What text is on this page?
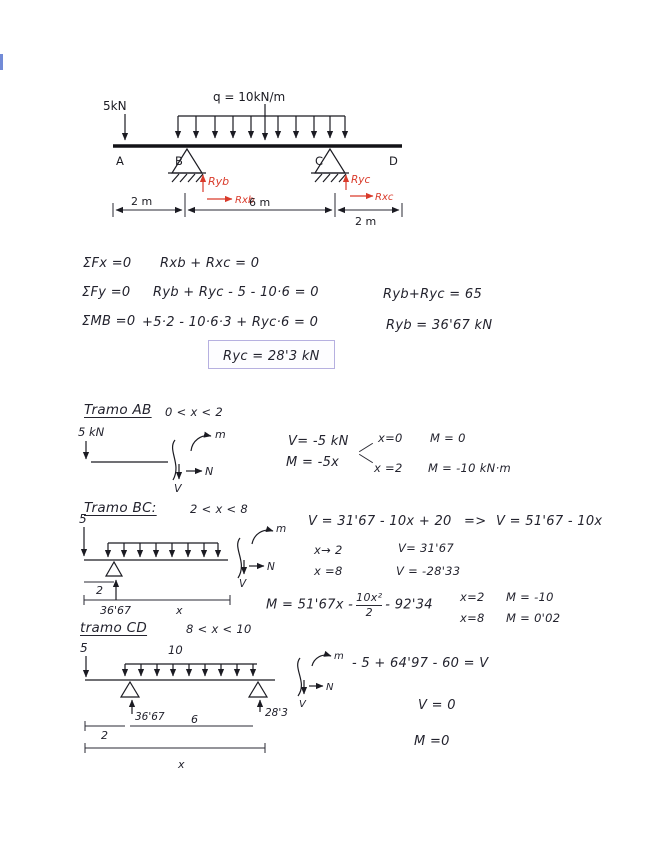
5kN
q = 10kN/m
A	B	C	D
Ryb
Rxb
Ryc
Rxc
2 m	6 m
2 m
ΣFx =0 Rxb + Rxc = 0
ΣFy =0 Ryb + Ryc - 5 - 10·6 = 0	Ryb+Ryc = 65
ΣMB =0 +5·2 - 10·6·3 + Ryc·6 = 0	Ryb = 36'67 kN
Ryc = 28'3 kN
Tramo AB 0 < x < 2
5 kN
V
N
m	V= -5 kN
M = -5x
x=0 M = 0
x =2 M = -10 kN·m
Tramo BC:	2 < x < 8
5
2
36'67	x
V
N
m V = 31'67 - 10x + 20 => V = 51'67 - 10x
x→ 2	V= 31'67
x =8	V = -28'33
$M = 51'67x - \frac{\text{10x²}}{2} - 92'34$
x=2 M = -10
x=8 M = 0'02
tramo CD	8 < x < 10
5	10
36'67	28'3
2
6
x
V
N
m - 5 + 64'97 - 60 = V
V = 0
M =0
